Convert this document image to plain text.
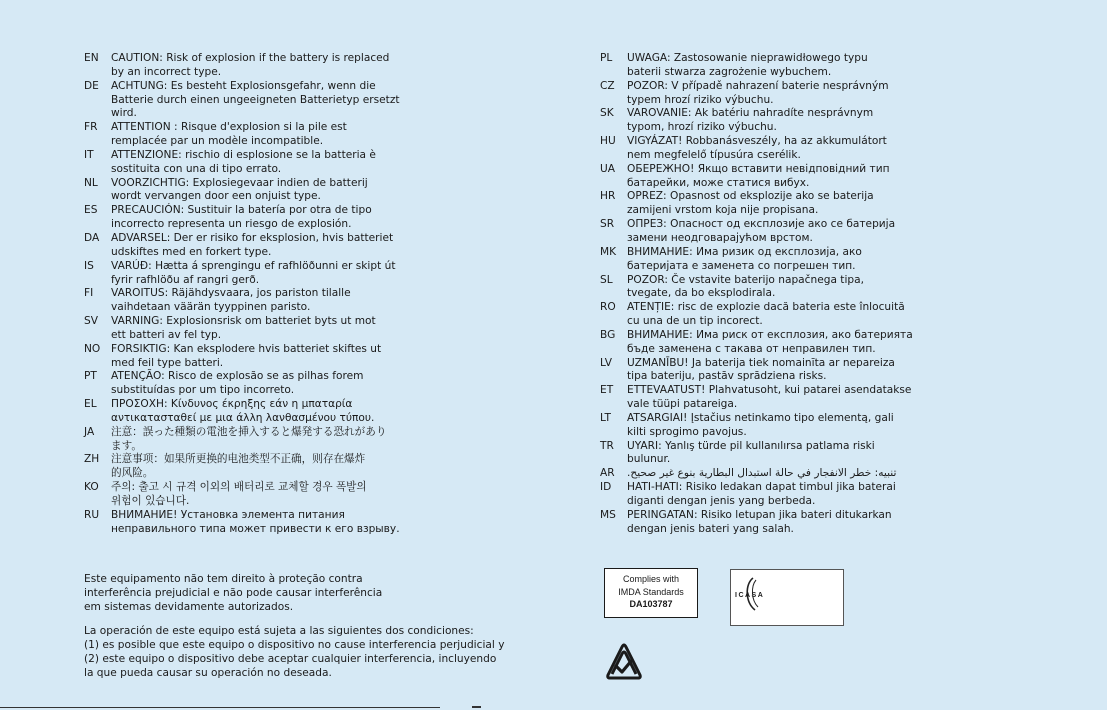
EN	CAUTION: Risk of explosion if the battery is replaced
by an incorrect type.
DE	ACHTUNG: Es besteht Explosionsgefahr, wenn die
Batterie durch einen ungeeigneten Batterietyp ersetzt
wird.
FR	ATTENTION : Risque d'explosion si la pile est
remplacée par un modèle incompatible.
IT	ATTENZIONE: rischio di esplosione se la batteria è
sostituita con una di tipo errato.
NL	VOORZICHTIG: Explosiegevaar indien de batterij
wordt vervangen door een onjuist type.
ES	PRECAUCIÓN: Sustituir la batería por otra de tipo
incorrecto representa un riesgo de explosión.
DA	ADVARSEL: Der er risiko for eksplosion, hvis batteriet
udskiftes med en forkert type.
IS	VARÚÐ: Hætta á sprengingu ef rafhlöðunni er skipt út
fyrir rafhlöðu af rangri gerð.
FI	VAROITUS: Räjähdysvaara, jos pariston tilalle
vaihdetaan väärän tyyppinen paristo.
SV	VARNING: Explosionsrisk om batteriet byts ut mot
ett batteri av fel typ.
NO	FORSIKTIG: Kan eksplodere hvis batteriet skiftes ut
med feil type batteri.
PT	ATENÇÃO: Risco de explosão se as pilhas forem
substituídas por um tipo incorreto.
EL	ΠΡΟΣΟΧΗ: Κίνδυνος έκρηξης εάν η μπαταρία
αντικατασταθεί με μια άλλη λανθασμένου τύπου.
JA	注意：誤った種類の電池を挿入すると爆発する恐れがあり
ます。
ZH	注意事项：如果所更换的电池类型不正确，则存在爆炸
的风险。
KO	주의: 출고 시 규격 이외의 배터리로 교체할 경우 폭발의
위험이 있습니다.
RU	ВНИМАНИЕ! Установка элемента питания
неправильного типа может привести к его взрыву.
PL	UWAGA: Zastosowanie nieprawidłowego typu
baterii stwarza zagrożenie wybuchem.
CZ	POZOR: V případě nahrazení baterie nesprávným
typem hrozí riziko výbuchu.
SK	VAROVANIE: Ak batériu nahradíte nesprávnym
typom, hrozí riziko výbuchu.
HU	VIGYÁZAT! Robbanásveszély, ha az akkumulátort
nem megfelelő típusúra cserélik.
UA	ОБЕРЕЖНО! Якщо вставити невідповідний тип
батарейки, може статися вибух.
HR	OPREZ: Opasnost od eksplozije ako se baterija
zamijeni vrstom koja nije propisana.
SR	ОПРЕЗ: Опасност од експлозије ако се батерија
замени неодговарајућом врстом.
MK	ВНИМАНИЕ: Има ризик од експлозија, ако
батеријата е заменета со погрешен тип.
SL	POZOR: Če vstavite baterijo napačnega tipa,
tvegate, da bo eksplodirala.
RO	ATENȚIE: risc de explozie dacă bateria este înlocuită
cu una de un tip incorect.
BG	ВНИМАНИЕ: Има риск от експлозия, ако батерията
бъде заменена с такава от неправилен тип.
LV	UZMANĪBU! Ja baterija tiek nomainīta ar nepareiza
tipa bateriju, pastāv sprādziena risks.
ET	ETTEVAATUST! Plahvatusoht, kui patarei asendatakse
vale tüüpi patareiga.
LT	ATSARGIAI! Įstačius netinkamo tipo elementą, gali
kilti sprogimo pavojus.
TR	UYARI: Yanlış türde pil kullanılırsa patlama riski
bulunur.
AR	تنبيه: خطر الانفجار في حالة استبدال البطارية بنوع غير صحيح.
ID	HATI-HATI: Risiko ledakan dapat timbul jika baterai
diganti dengan jenis yang berbeda.
MS	PERINGATAN: Risiko letupan jika bateri ditukarkan
dengan jenis bateri yang salah.
Este equipamento não tem direito à proteção contra
interferência prejudicial e não pode causar interferência
em sistemas devidamente autorizados.
La operación de este equipo está sujeta a las siguientes dos condiciones:
(1) es posible que este equipo o dispositivo no cause interferencia perjudicial y
(2) este equipo o dispositivo debe aceptar cualquier interferencia, incluyendo
la que pueda causar su operación no deseada.
Complies with
IMDA Standards
DA103787
ICASA
